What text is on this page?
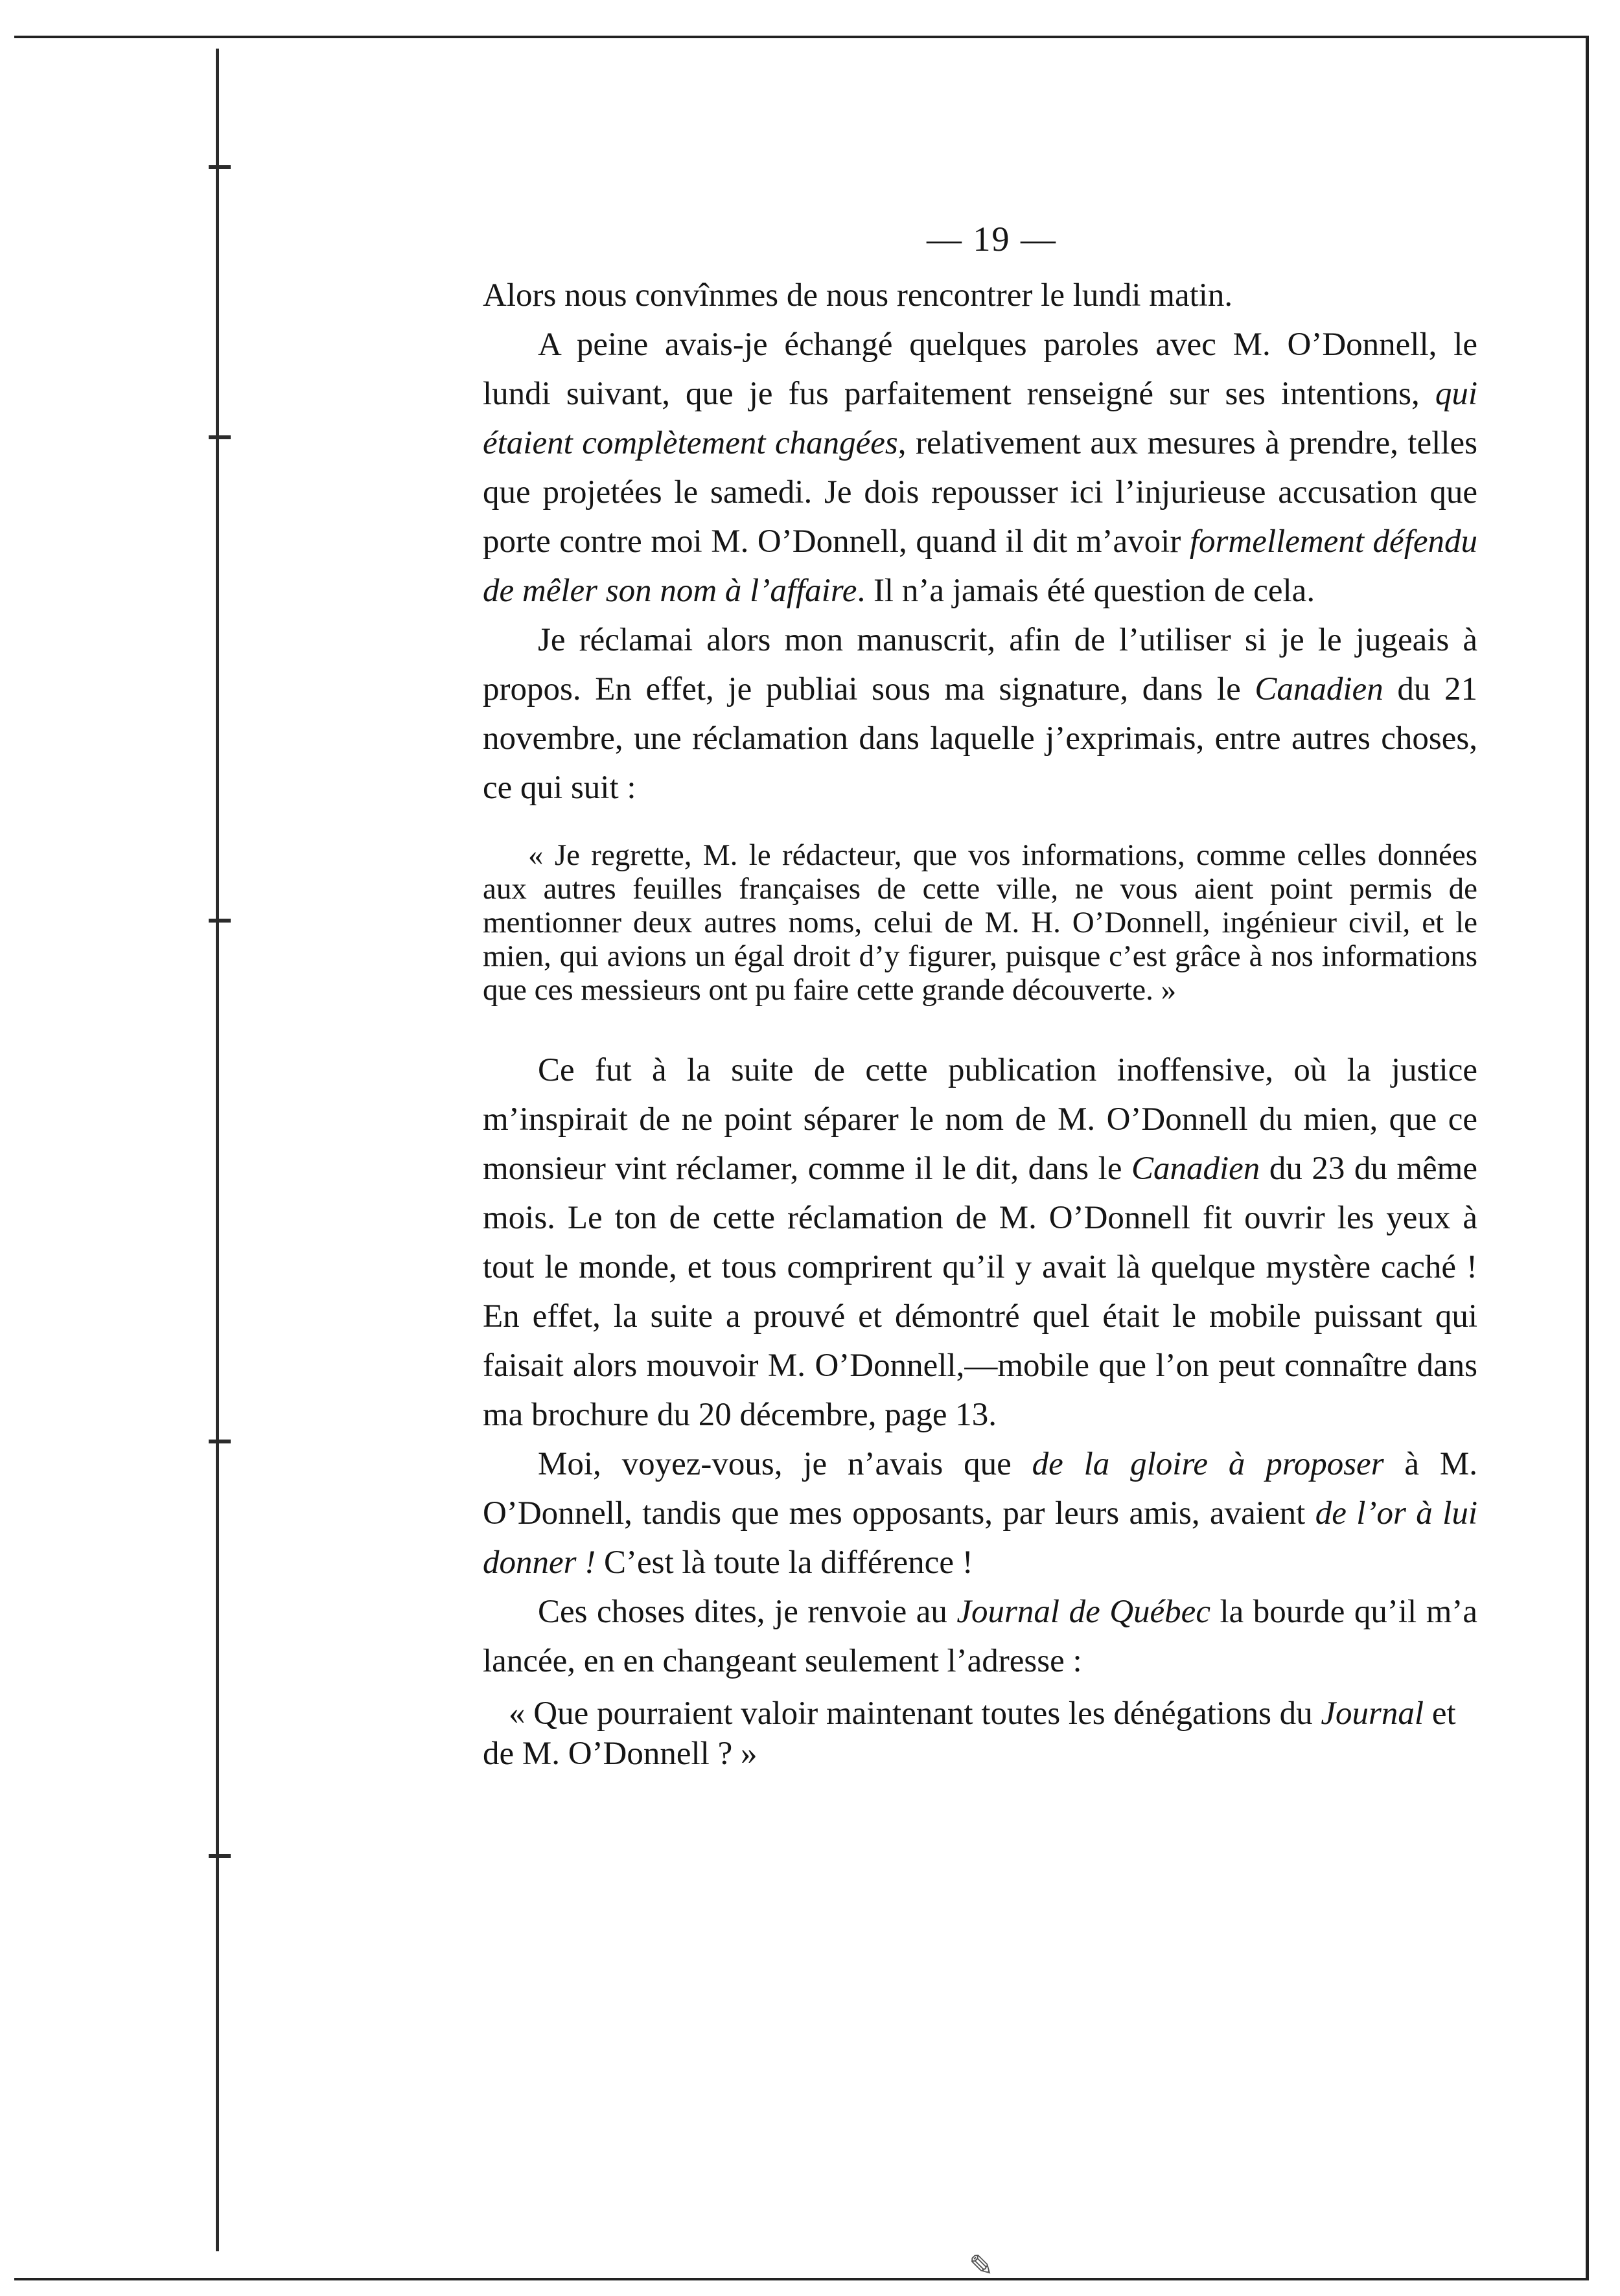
— 19 —

Alors nous convînmes de nous rencontrer le lundi matin.

A peine avais-je échangé quelques paroles avec M. O’Donnell, le lundi suivant, que je fus parfaitement renseigné sur ses intentions, qui étaient complètement changées, relativement aux mesures à prendre, telles que projetées le samedi. Je dois repousser ici l’injurieuse accusation que porte contre moi M. O’Donnell, quand il dit m’avoir formellement défendu de mêler son nom à l’affaire. Il n’a jamais été question de cela.

Je réclamai alors mon manuscrit, afin de l’utiliser si je le jugeais à propos. En effet, je publiai sous ma signature, dans le Canadien du 21 novembre, une réclamation dans laquelle j’exprimais, entre autres choses, ce qui suit :

« Je regrette, M. le rédacteur, que vos informations, comme celles données aux autres feuilles françaises de cette ville, ne vous aient point permis de mentionner deux autres noms, celui de M. H. O’Donnell, ingénieur civil, et le mien, qui avions un égal droit d’y figurer, puisque c’est grâce à nos informations que ces messieurs ont pu faire cette grande découverte. »

Ce fut à la suite de cette publication inoffensive, où la justice m’inspirait de ne point séparer le nom de M. O’Donnell du mien, que ce monsieur vint réclamer, comme il le dit, dans le Canadien du 23 du même mois. Le ton de cette réclamation de M. O’Donnell fit ouvrir les yeux à tout le monde, et tous comprirent qu’il y avait là quelque mystère caché ! En effet, la suite a prouvé et démontré quel était le mobile puissant qui faisait alors mouvoir M. O’Donnell,—mobile que l’on peut connaître dans ma brochure du 20 décembre, page 13.

Moi, voyez-vous, je n’avais que de la gloire à proposer à M. O’Donnell, tandis que mes opposants, par leurs amis, avaient de l’or à lui donner ! C’est là toute la différence !

Ces choses dites, je renvoie au Journal de Québec la bourde qu’il m’a lancée, en en changeant seulement l’adresse :

« Que pourraient valoir maintenant toutes les dénégations du Journal et de M. O’Donnell ? »

✎
